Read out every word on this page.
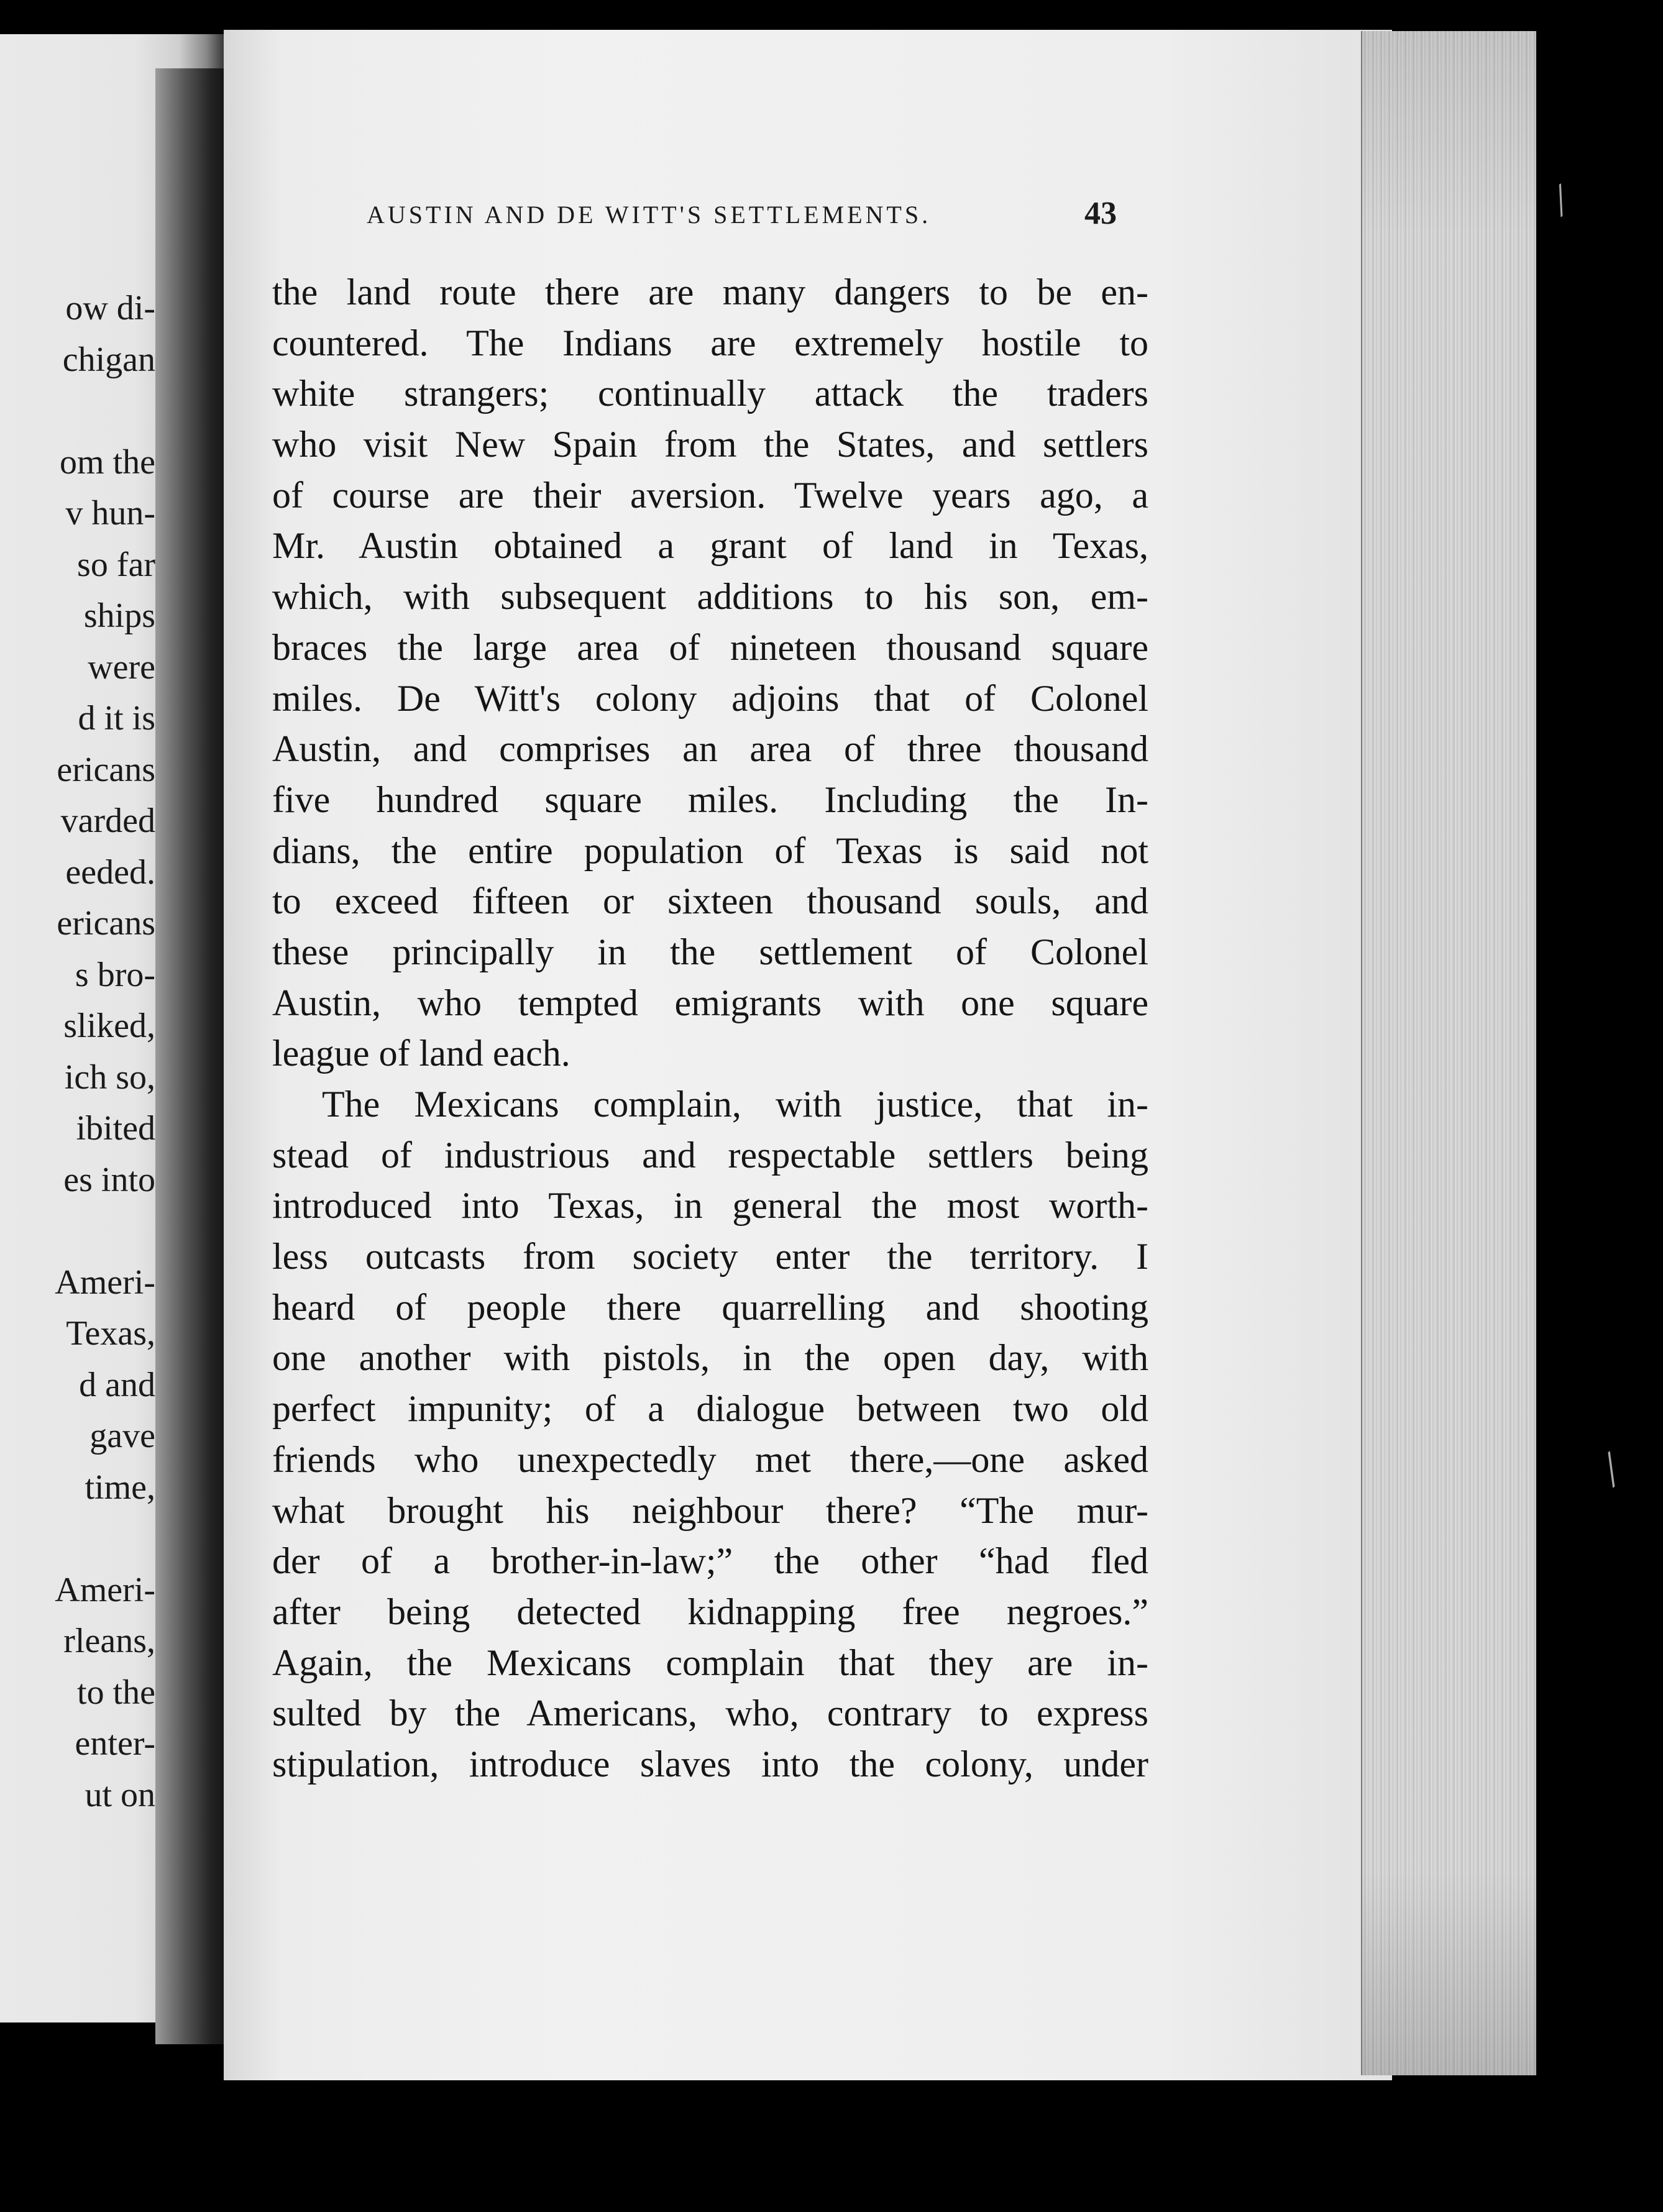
ow di-
chigan
om the
v hun-
so far
ships
were
d it is
ericans
varded
eeded.
ericans
s bro-
sliked,
ich so,
ibited
es into
Ameri-
Texas,
d and
gave
time,
Ameri-
rleans,
to the
enter-
ut on
AUSTIN AND DE WITT'S SETTLEMENTS.	43
the land route there are many dangers to be en-
countered. The Indians are extremely hostile to
white strangers; continually attack the traders
who visit New Spain from the States, and settlers
of course are their aversion. Twelve years ago, a
Mr. Austin obtained a grant of land in Texas,
which, with subsequent additions to his son, em-
braces the large area of nineteen thousand square
miles. De Witt's colony adjoins that of Colonel
Austin, and comprises an area of three thousand
five hundred square miles. Including the In-
dians, the entire population of Texas is said not
to exceed fifteen or sixteen thousand souls, and
these principally in the settlement of Colonel
Austin, who tempted emigrants with one square
league of land each.
The Mexicans complain, with justice, that in-
stead of industrious and respectable settlers being
introduced into Texas, in general the most worth-
less outcasts from society enter the territory. I
heard of people there quarrelling and shooting
one another with pistols, in the open day, with
perfect impunity; of a dialogue between two old
friends who unexpectedly met there,—one asked
what brought his neighbour there? “The mur-
der of a brother-in-law;” the other “had fled
after being detected kidnapping free negroes.”
Again, the Mexicans complain that they are in-
sulted by the Americans, who, contrary to express
stipulation, introduce slaves into the colony, under
╱
╱
